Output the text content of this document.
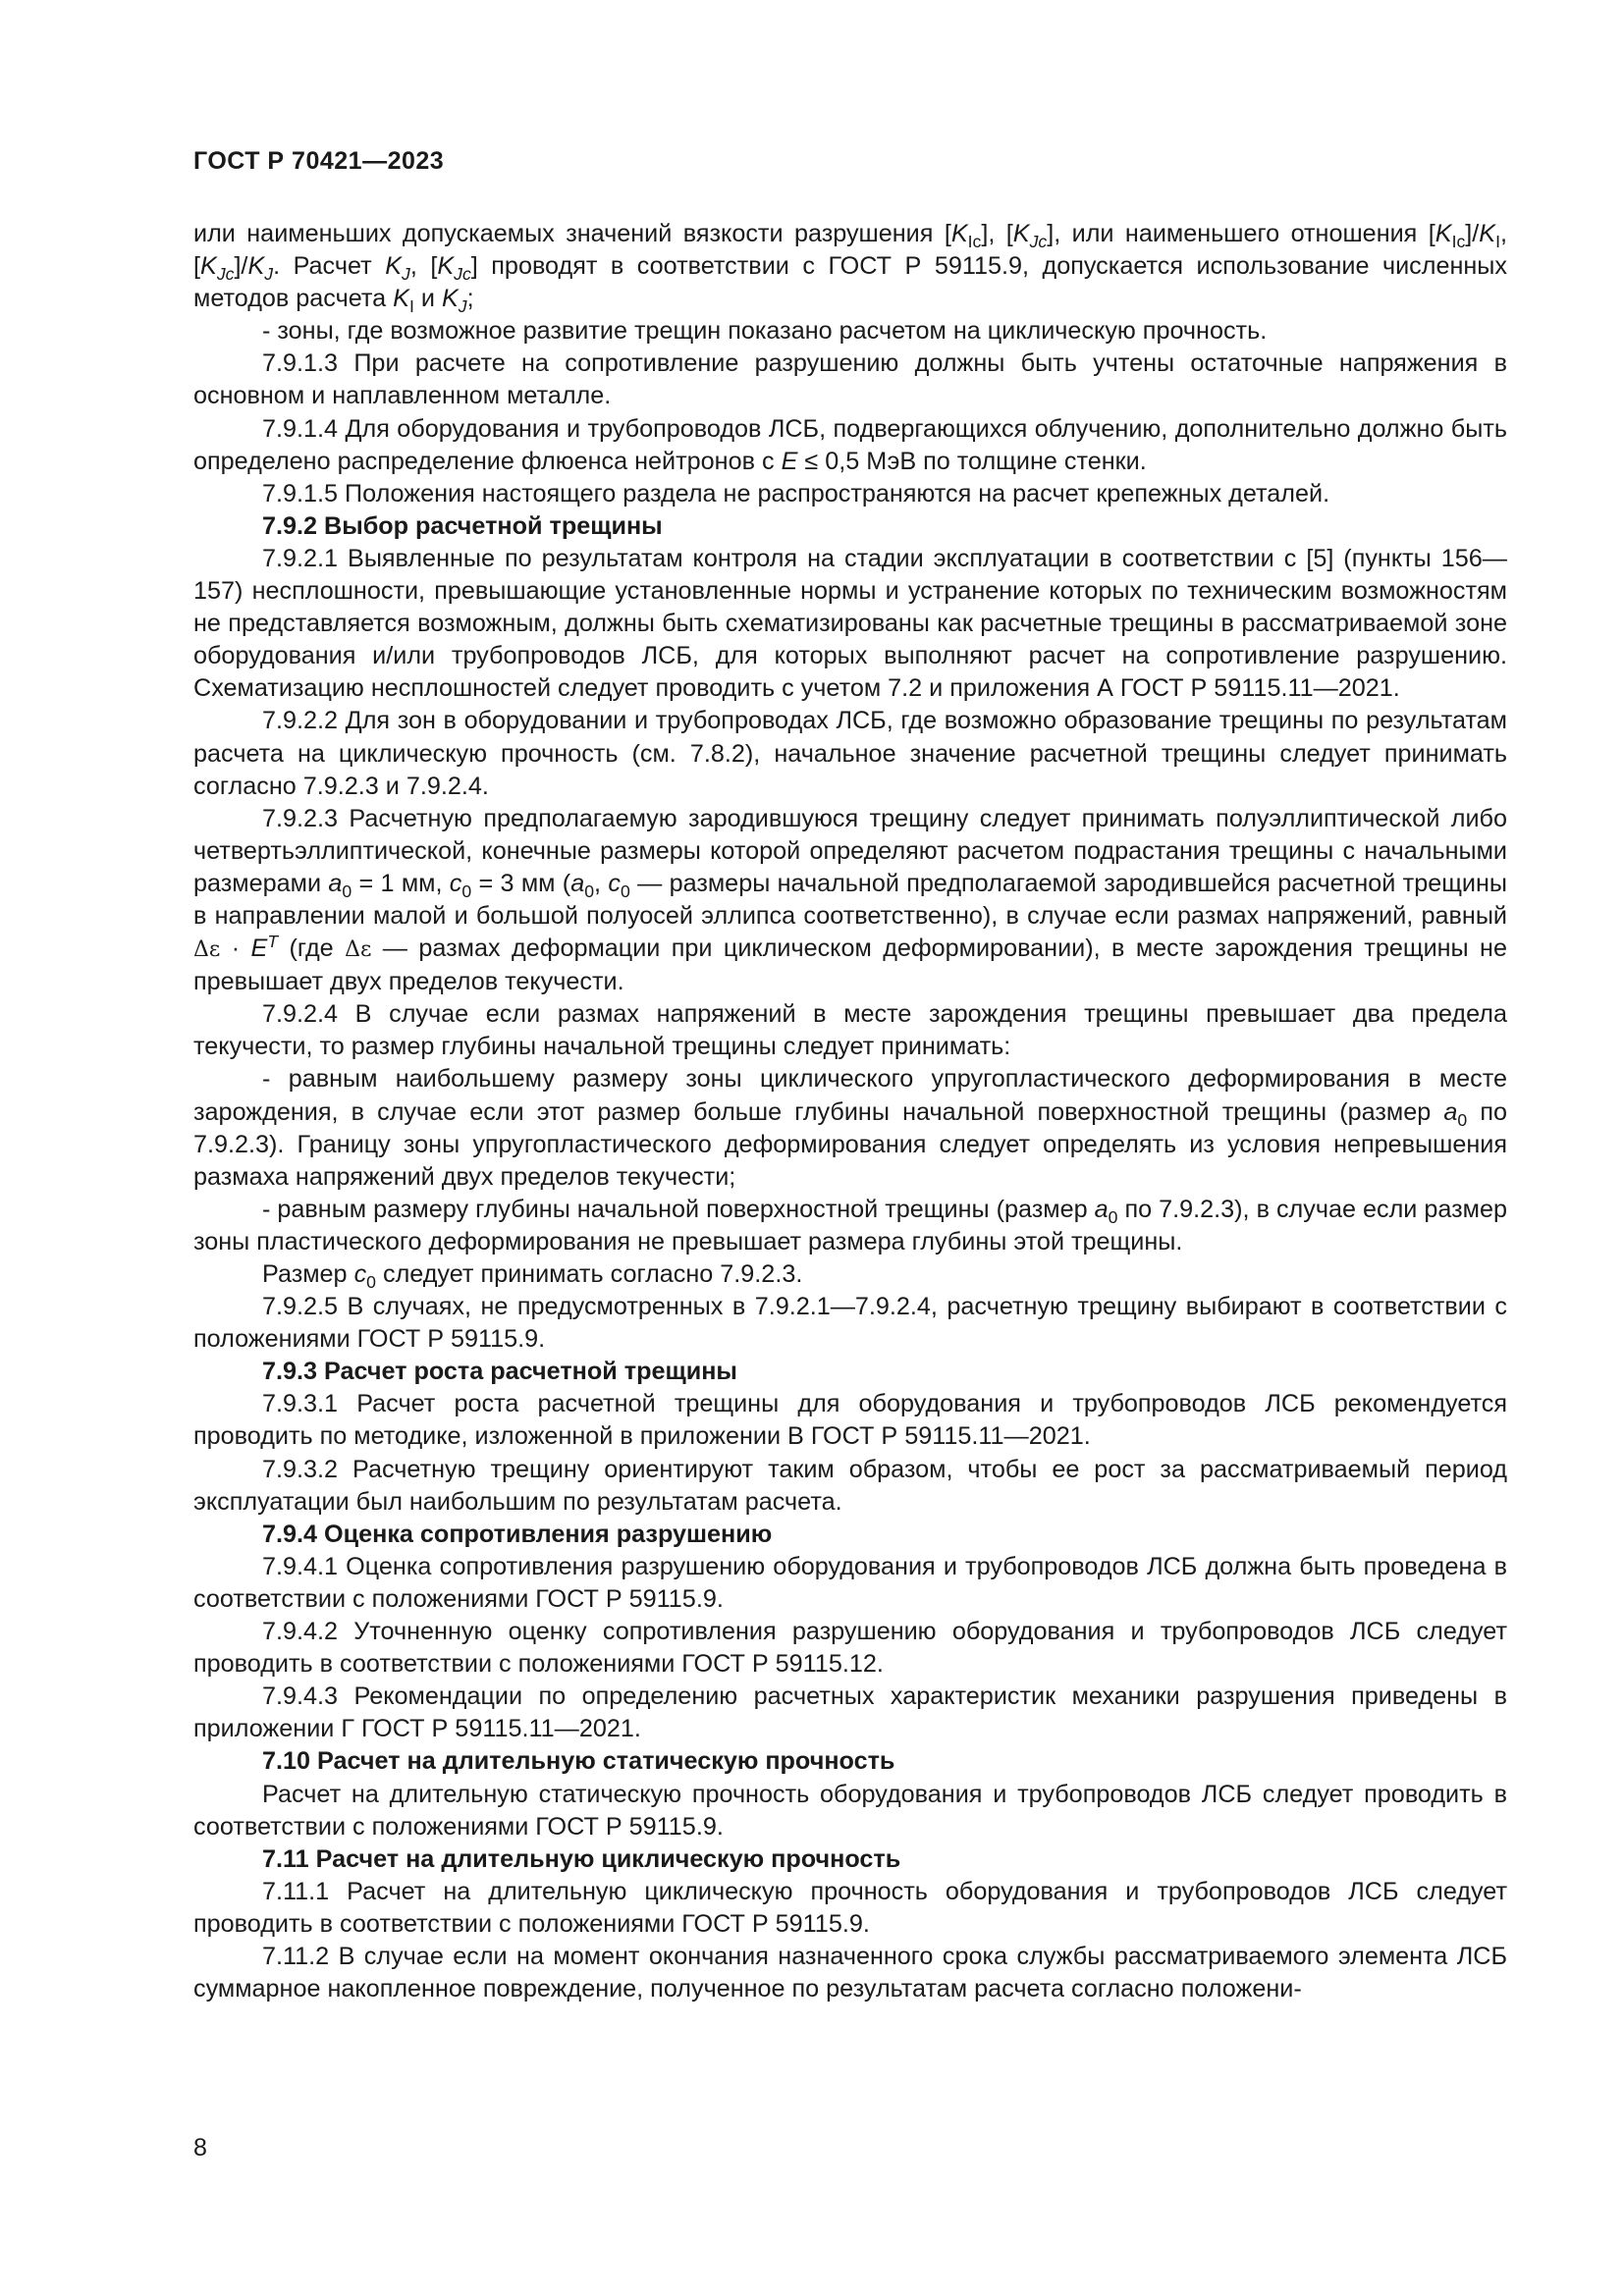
ГОСТ Р 70421—2023

или наименьших допускаемых значений вязкости разрушения $[K_{Ic}]$, $[K_{Jc}]$, или наименьшего отношения $[K_{Ic}]/K_I$, $[K_{Jc}]/K_J$. Расчет $K_J$, $[K_{Jc}]$ проводят в соответствии с ГОСТ Р 59115.9, допускается использование численных методов расчета $K_I$ и $K_J$;

- зоны, где возможное развитие трещин показано расчетом на циклическую прочность.

7.9.1.3 При расчете на сопротивление разрушению должны быть учтены остаточные напряжения в основном и наплавленном металле.

7.9.1.4 Для оборудования и трубопроводов ЛСБ, подвергающихся облучению, дополнительно должно быть определено распределение флюенса нейтронов с E ≤ 0,5 МэВ по толщине стенки.

7.9.1.5 Положения настоящего раздела не распространяются на расчет крепежных деталей.

7.9.2 Выбор расчетной трещины

7.9.2.1 Выявленные по результатам контроля на стадии эксплуатации в соответствии с [5] (пункты 156—157) несплошности, превышающие установленные нормы и устранение которых по техническим возможностям не представляется возможным, должны быть схематизированы как расчетные трещины в рассматриваемой зоне оборудования и/или трубопроводов ЛСБ, для которых выполняют расчет на сопротивление разрушению. Схематизацию несплошностей следует проводить с учетом 7.2 и приложения А ГОСТ Р 59115.11—2021.

7.9.2.2 Для зон в оборудовании и трубопроводах ЛСБ, где возможно образование трещины по результатам расчета на циклическую прочность (см. 7.8.2), начальное значение расчетной трещины следует принимать согласно 7.9.2.3 и 7.9.2.4.

7.9.2.3 Расчетную предполагаемую зародившуюся трещину следует принимать полуэллиптической либо четвертьэллиптической, конечные размеры которой определяют расчетом подрастания трещины с начальными размерами $a_0 = 1$ мм, $c_0 = 3$ мм ($a_0$, $c_0$ — размеры начальной предполагаемой зародившейся расчетной трещины в направлении малой и большой полуосей эллипса соответственно), в случае если размах напряжений, равный $\Delta\varepsilon \cdot E^T$ (где Δε — размах деформации при циклическом деформировании), в месте зарождения трещины не превышает двух пределов текучести.

7.9.2.4 В случае если размах напряжений в месте зарождения трещины превышает два предела текучести, то размер глубины начальной трещины следует принимать:

- равным наибольшему размеру зоны циклического упругопластического деформирования в месте зарождения, в случае если этот размер больше глубины начальной поверхностной трещины (размер $a_0$ по 7.9.2.3). Границу зоны упругопластического деформирования следует определять из условия непревышения размаха напряжений двух пределов текучести;

- равным размеру глубины начальной поверхностной трещины (размер $a_0$ по 7.9.2.3), в случае если размер зоны пластического деформирования не превышает размера глубины этой трещины.

Размер $c_0$ следует принимать согласно 7.9.2.3.

7.9.2.5 В случаях, не предусмотренных в 7.9.2.1—7.9.2.4, расчетную трещину выбирают в соответствии с положениями ГОСТ Р 59115.9.

7.9.3 Расчет роста расчетной трещины

7.9.3.1 Расчет роста расчетной трещины для оборудования и трубопроводов ЛСБ рекомендуется проводить по методике, изложенной в приложении В ГОСТ Р 59115.11—2021.

7.9.3.2 Расчетную трещину ориентируют таким образом, чтобы ее рост за рассматриваемый период эксплуатации был наибольшим по результатам расчета.

7.9.4 Оценка сопротивления разрушению

7.9.4.1 Оценка сопротивления разрушению оборудования и трубопроводов ЛСБ должна быть проведена в соответствии с положениями ГОСТ Р 59115.9.

7.9.4.2 Уточненную оценку сопротивления разрушению оборудования и трубопроводов ЛСБ следует проводить в соответствии с положениями ГОСТ Р 59115.12.

7.9.4.3 Рекомендации по определению расчетных характеристик механики разрушения приведены в приложении Г ГОСТ Р 59115.11—2021.

7.10 Расчет на длительную статическую прочность

Расчет на длительную статическую прочность оборудования и трубопроводов ЛСБ следует проводить в соответствии с положениями ГОСТ Р 59115.9.

7.11 Расчет на длительную циклическую прочность

7.11.1 Расчет на длительную циклическую прочность оборудования и трубопроводов ЛСБ следует проводить в соответствии с положениями ГОСТ Р 59115.9.

7.11.2 В случае если на момент окончания назначенного срока службы рассматриваемого элемента ЛСБ суммарное накопленное повреждение, полученное по результатам расчета согласно положени-

8
